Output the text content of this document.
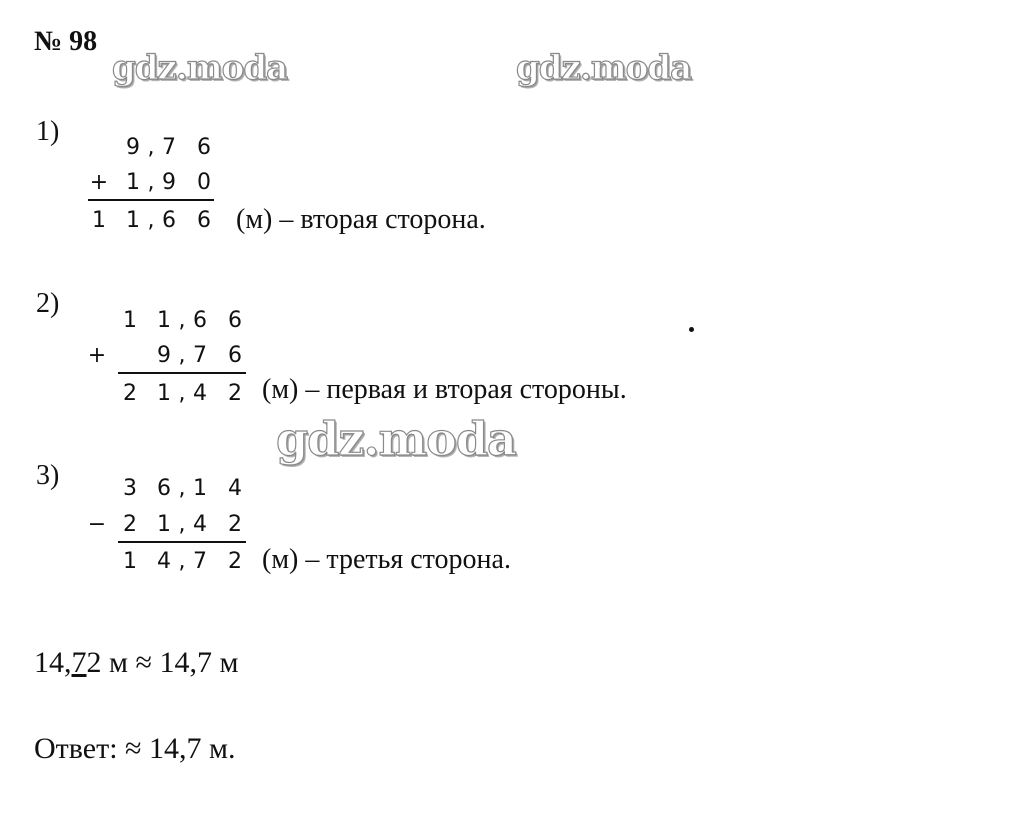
№ 98
gdz.moda	gdz.moda
gdz.moda
1)
9 , 7 6
+ 1 , 9 0
1 1 , 6 6 (м) – вторая сторона.
2)
1 1 , 6 6
+	9 , 7 6
2 1 , 4 2 (м) – первая и вторая стороны.
3)	3 6 , 1 4
− 2 1 , 4 2
1 4 , 7 2 (м) – третья сторона.
14,72 м ≈ 14,7 м
Ответ: ≈ 14,7 м.
